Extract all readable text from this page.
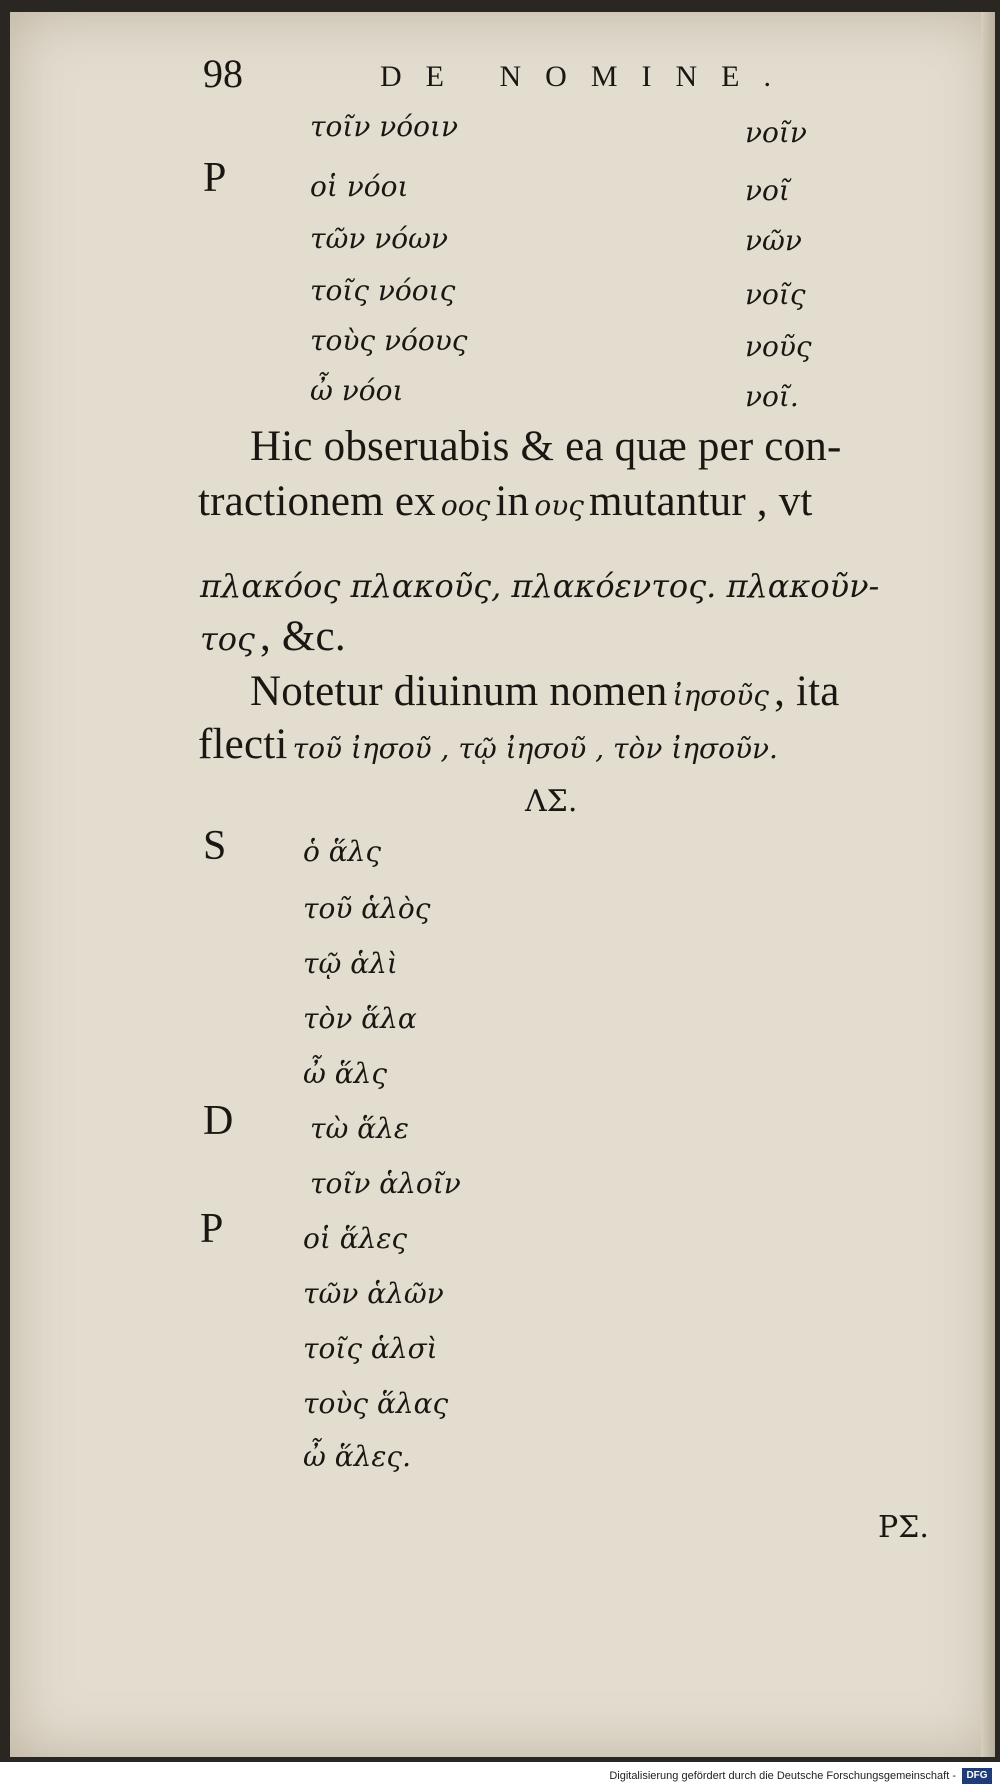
98	DE NOMINE.
τοῖν νόοιν	νοῖν
P	οἱ νόοι	νοῖ
τῶν νόων	νῶν
τοῖς νόοις	νοῖς
τοὺς νόους	νοῦς
ὦ νόοι	νοῖ.
Hic obseruabis & ea quæ per con-
tractionem ex οος in ους mutantur , vt
πλακόος πλακοῦς, πλακόεντος. πλακοῦν-
τος , &c.
Notetur diuinum nomen ἰησοῦς , ita
flecti τοῦ ἰησοῦ , τῷ ἰησοῦ , τὸν ἰησοῦν.
ΛΣ.
S	ὁ ἅλς
τοῦ ἁλὸς
τῷ ἁλὶ
τὸν ἅλα
ὦ ἅλς
D	τὼ ἅλε
τοῖν ἁλοῖν
P	οἱ ἅλες
τῶν ἁλῶν
τοῖς ἁλσὶ
τοὺς ἅλας
ὦ ἅλες.
ΡΣ.
Digitalisierung gefördert durch die Deutsche Forschungsgemeinschaft -	DFG
